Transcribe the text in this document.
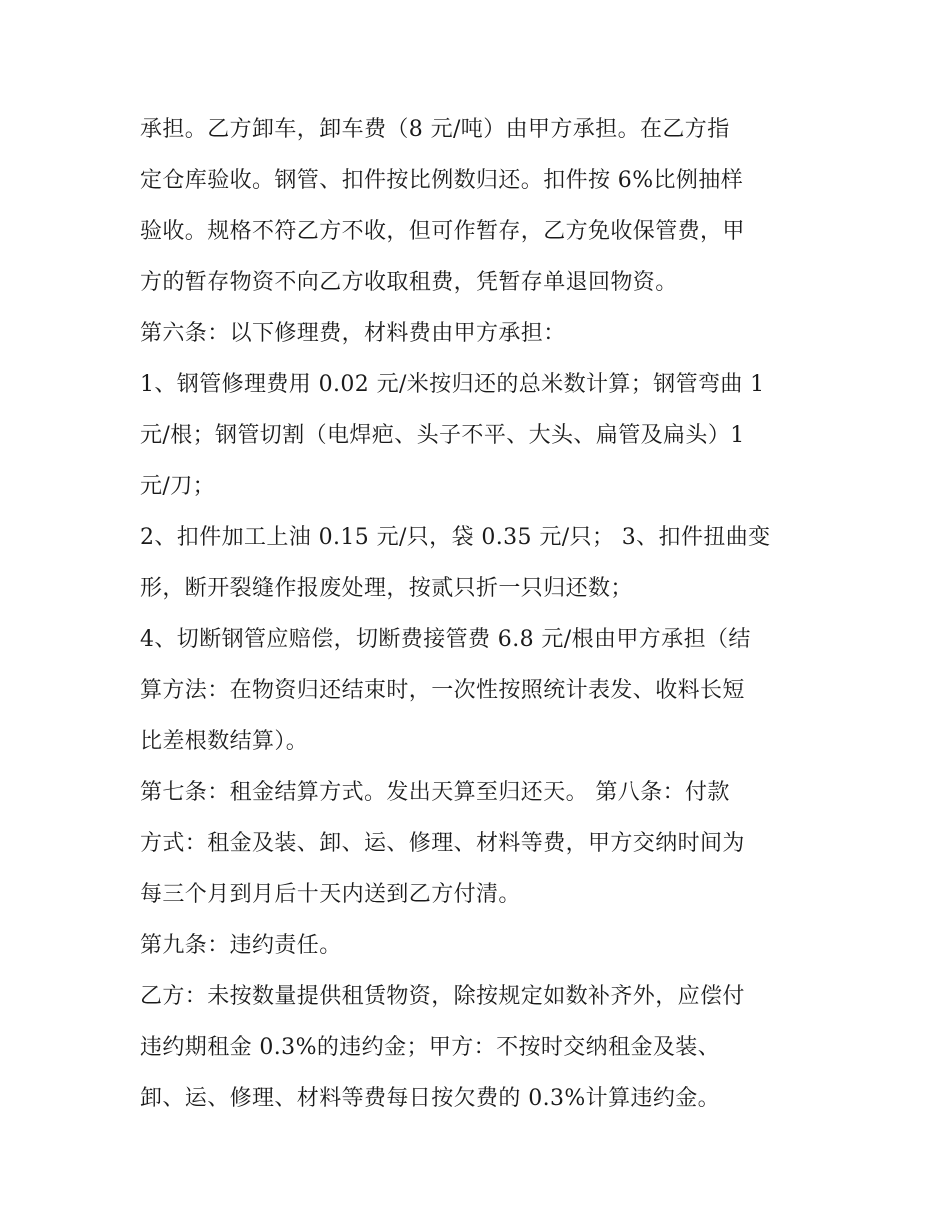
承担。乙方卸车，卸车费（8 元/吨）由甲方承担。在乙方指
定仓库验收。钢管、扣件按比例数归还。扣件按 6%比例抽样
验收。规格不符乙方不收，但可作暂存，乙方免收保管费，甲
方的暂存物资不向乙方收取租费，凭暂存单退回物资。
第六条：以下修理费，材料费由甲方承担：
1、钢管修理费用 0.02 元/米按归还的总米数计算；钢管弯曲 1
元/根；钢管切割（电焊疤、头子不平、大头、扁管及扁头）1
元/刀；
2、扣件加工上油 0.15 元/只，袋 0.35 元/只； 3、扣件扭曲变
形，断开裂缝作报废处理，按贰只折一只归还数；
4、切断钢管应赔偿，切断费接管费 6.8 元/根由甲方承担（结
算方法：在物资归还结束时，一次性按照统计表发、收料长短
比差根数结算）。
第七条：租金结算方式。发出天算至归还天。 第八条：付款
方式：租金及装、卸、运、修理、材料等费，甲方交纳时间为
每三个月到月后十天内送到乙方付清。
第九条：违约责任。
乙方：未按数量提供租赁物资，除按规定如数补齐外，应偿付
违约期租金 0.3%的违约金；甲方：不按时交纳租金及装、
卸、运、修理、材料等费每日按欠费的 0.3%计算违约金。
